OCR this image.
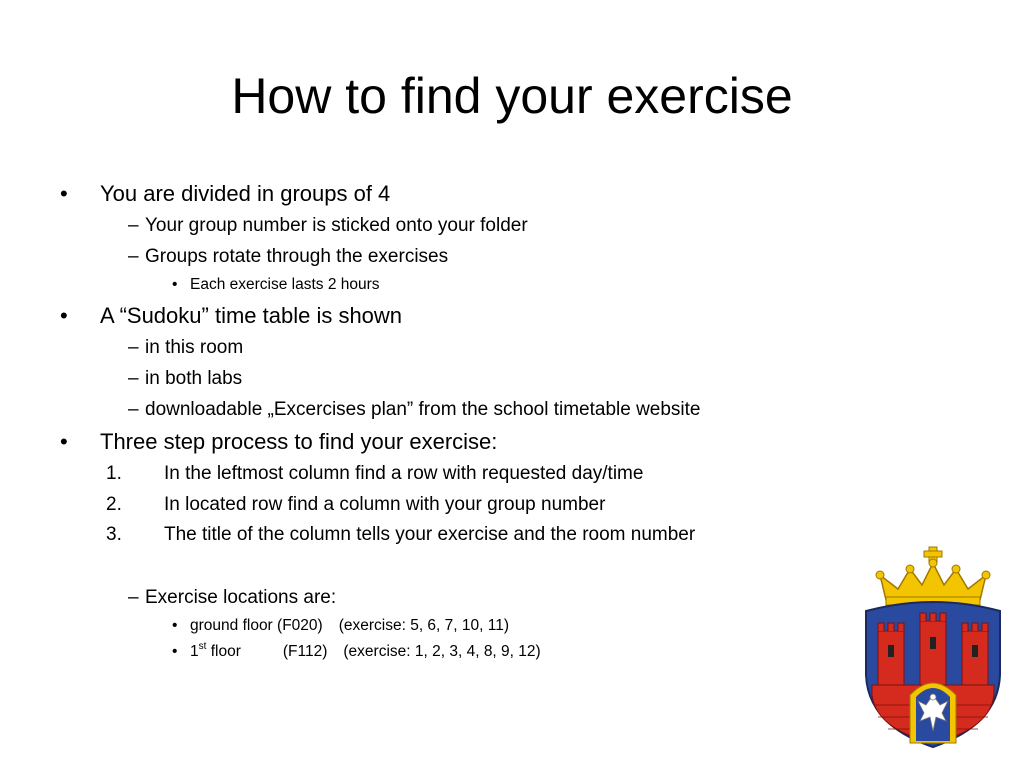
How to find your exercise
• You are divided in groups of 4
– Your group number is sticked onto your folder
– Groups rotate through the exercises
• Each exercise lasts 2 hours
• A “Sudoku” time table is shown
– in this room
– in both labs
– downloadable „Excercises plan” from the school timetable website
• Three step process to find your exercise:
1. In the leftmost column find a row with requested day/time
2. In located row find a column with your group number
3. The title of the column tells your exercise and the room number
– Exercise locations are:
• ground floor (F020) (exercise: 5, 6, 7, 10, 11)
• 1st floor	(F112) (exercise: 1, 2, 3, 4, 8, 9, 12)
